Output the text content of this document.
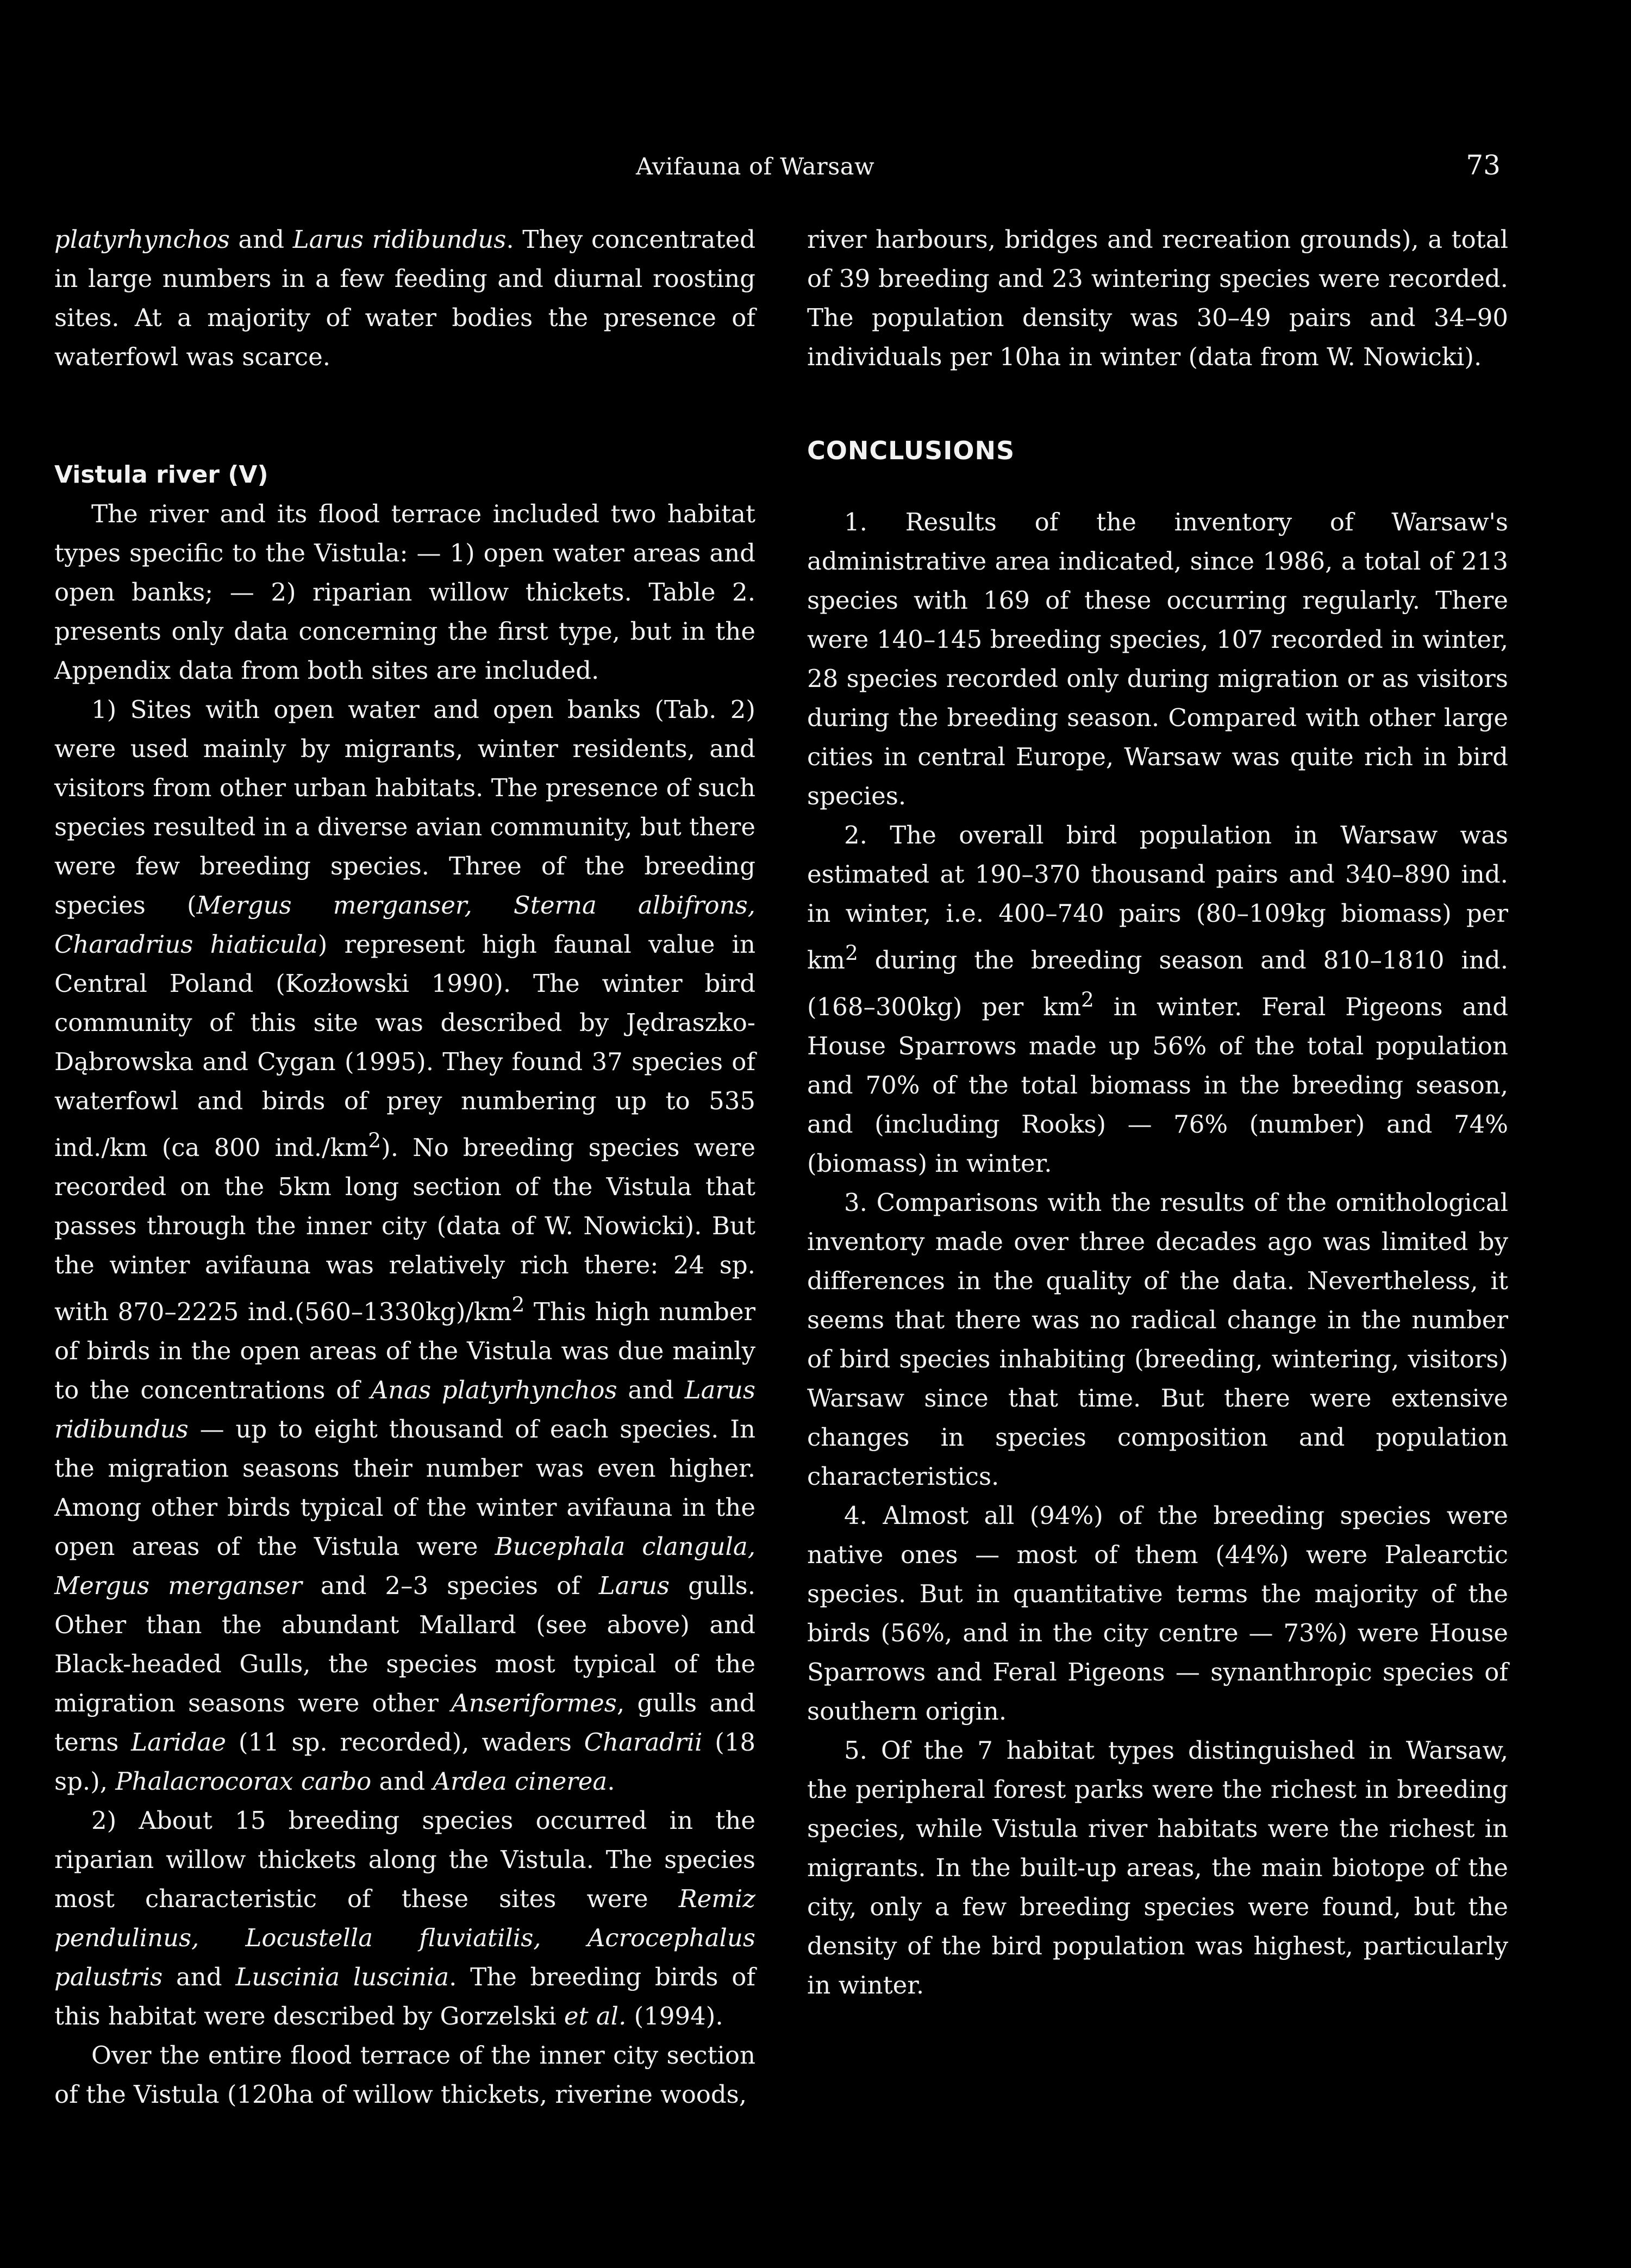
Avifauna of Warsaw	73

platyrhynchos and Larus ridibundus. They concentrated in large numbers in a few feeding and diurnal roosting sites. At a majority of water bodies the presence of waterfowl was scarce.

Vistula river (V)

The river and its flood terrace included two habitat types specific to the Vistula: — 1) open water areas and open banks; — 2) riparian willow thickets. Table 2. presents only data concerning the first type, but in the Appendix data from both sites are included.

1) Sites with open water and open banks (Tab. 2) were used mainly by migrants, winter residents, and visitors from other urban habitats. The presence of such species resulted in a diverse avian community, but there were few breeding species. Three of the breeding species (Mergus merganser, Sterna albifrons, Charadrius hiaticula) represent high faunal value in Central Poland (Kozłowski 1990). The winter bird community of this site was described by Jędraszko-Dąbrowska and Cygan (1995). They found 37 species of waterfowl and birds of prey numbering up to 535 ind./km (ca 800 $ind./km^2$). No breeding species were recorded on the 5km long section of the Vistula that passes through the inner city (data of W. Nowicki). But the winter avifauna was relatively rich there: 24 sp. with 870–2225 $ind.(560-1330kg)/km^2$ This high number of birds in the open areas of the Vistula was due mainly to the concentrations of Anas platyrhynchos and Larus ridibundus — up to eight thousand of each species. In the migration seasons their number was even higher. Among other birds typical of the winter avifauna in the open areas of the Vistula were Bucephala clangula, Mergus merganser and 2–3 species of Larus gulls. Other than the abundant Mallard (see above) and Black-headed Gulls, the species most typical of the migration seasons were other Anseriformes, gulls and terns Laridae (11 sp. recorded), waders Charadrii (18 sp.), Phalacrocorax carbo and Ardea cinerea.

2) About 15 breeding species occurred in the riparian willow thickets along the Vistula. The species most characteristic of these sites were Remiz pendulinus, Locustella fluviatilis, Acrocephalus palustris and Luscinia luscinia. The breeding birds of this habitat were described by Gorzelski et al. (1994).

Over the entire flood terrace of the inner city section of the Vistula (120ha of willow thickets, riverine woods,

river harbours, bridges and recreation grounds), a total of 39 breeding and 23 wintering species were recorded. The population density was 30–49 pairs and 34–90 individuals per 10ha in winter (data from W. Nowicki).

CONCLUSIONS

1. Results of the inventory of Warsaw's administrative area indicated, since 1986, a total of 213 species with 169 of these occurring regularly. There were 140–145 breeding species, 107 recorded in winter, 28 species recorded only during migration or as visitors during the breeding season. Compared with other large cities in central Europe, Warsaw was quite rich in bird species.

2. The overall bird population in Warsaw was estimated at 190–370 thousand pairs and 340–890 ind. in winter, i.e. 400–740 pairs (80–109kg biomass) per $km^2$ during the breeding season and 810–1810 ind. (168–300kg) per $km^2$ in winter. Feral Pigeons and House Sparrows made up 56% of the total population and 70% of the total biomass in the breeding season, and (including Rooks) — 76% (number) and 74% (biomass) in winter.

3. Comparisons with the results of the ornithological inventory made over three decades ago was limited by differences in the quality of the data. Nevertheless, it seems that there was no radical change in the number of bird species inhabiting (breeding, wintering, visitors) Warsaw since that time. But there were extensive changes in species composition and population characteristics.

4. Almost all (94%) of the breeding species were native ones — most of them (44%) were Palearctic species. But in quantitative terms the majority of the birds (56%, and in the city centre — 73%) were House Sparrows and Feral Pigeons — synanthropic species of southern origin.

5. Of the 7 habitat types distinguished in Warsaw, the peripheral forest parks were the richest in breeding species, while Vistula river habitats were the richest in migrants. In the built-up areas, the main biotope of the city, only a few breeding species were found, but the density of the bird population was highest, particularly in winter.
